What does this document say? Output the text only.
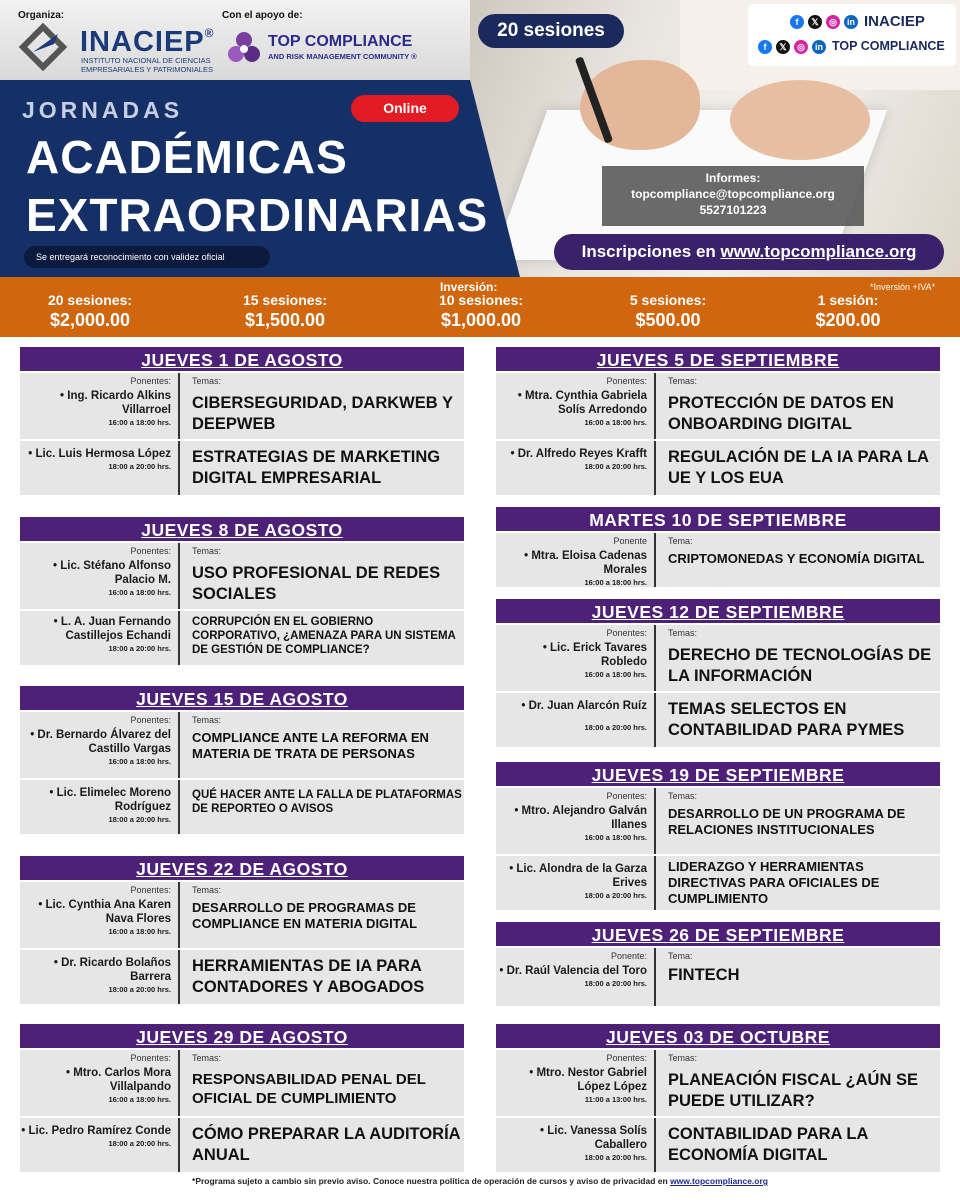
Organiza:	Con el apoyo de:
INACIEP®
INSTITUTO NACIONAL DE CIENCIAS
EMPRESARIALES Y PATRIMONIALES
TOP COMPLIANCE
AND RISK MANAGEMENT COMMUNITY ®
20 sesiones	f	𝕏	◎	in INACIEP
f	𝕏	◎	in TOP COMPLIANCE
JORNADAS	Online
ACADÉMICAS
EXTRAORDINARIAS
Se entregará reconocimiento con validez oficial
Informes:
topcompliance@topcompliance.org
5527101223
Inscripciones en www.topcompliance.org
Inversión:	*Inversión +IVA*
20 sesiones:
$2,000.00
15 sesiones:
$1,500.00
10 sesiones:
$1,000.00
5 sesiones:
$500.00
1 sesión:
$200.00
JUEVES 1 DE AGOSTO
Ponentes:
• Ing. Ricardo Alkins Villarroel
16:00 a 18:00 hrs.
Temas:
CIBERSEGURIDAD, DARKWEB Y DEEPWEB
• Lic. Luis Hermosa López
18:00 a 20:00 hrs.
ESTRATEGIAS DE MARKETING DIGITAL EMPRESARIAL
JUEVES 8 DE AGOSTO
Ponentes:
• Lic. Stéfano Alfonso Palacio M.
16:00 a 18:00 hrs.
Temas:
USO PROFESIONAL DE REDES SOCIALES
• L. A. Juan Fernando Castillejos Echandi
18:00 a 20:00 hrs.
CORRUPCIÓN EN EL GOBIERNO CORPORATIVO, ¿AMENAZA PARA UN SISTEMA DE GESTIÓN DE COMPLIANCE?
JUEVES 15 DE AGOSTO
Ponentes:
• Dr. Bernardo Álvarez del Castillo Vargas
16:00 a 18:00 hrs.
Temas:
COMPLIANCE ANTE LA REFORMA EN MATERIA DE TRATA DE PERSONAS
• Lic. Elimelec Moreno Rodríguez
18:00 a 20:00 hrs.
QUÉ HACER ANTE LA FALLA DE PLATAFORMAS DE REPORTEO O AVISOS
JUEVES 22 DE AGOSTO
Ponentes:
• Lic. Cynthia Ana Karen Nava Flores
16:00 a 18:00 hrs.
Temas:
DESARROLLO DE PROGRAMAS DE COMPLIANCE EN MATERIA DIGITAL
• Dr. Ricardo Bolaños Barrera
18:00 a 20:00 hrs.
HERRAMIENTAS DE IA PARA CONTADORES Y ABOGADOS
JUEVES 29 DE AGOSTO
Ponentes:
• Mtro. Carlos Mora Villalpando
16:00 a 18:00 hrs.
Temas:
RESPONSABILIDAD PENAL DEL OFICIAL DE CUMPLIMIENTO
• Lic. Pedro Ramírez Conde
18:00 a 20:00 hrs.
CÓMO PREPARAR LA AUDITORÍA ANUAL
JUEVES 5 DE SEPTIEMBRE
Ponentes:
• Mtra. Cynthia Gabriela Solís Arredondo
16:00 a 18:00 hrs.
Temas:
PROTECCIÓN DE DATOS EN ONBOARDING DIGITAL
• Dr. Alfredo Reyes Krafft
18:00 a 20:00 hrs.
REGULACIÓN DE LA IA PARA LA UE Y LOS EUA
MARTES 10 DE SEPTIEMBRE
Ponente
• Mtra. Eloisa Cadenas Morales
16:00 a 18:00 hrs.
Tema:
CRIPTOMONEDAS Y ECONOMÍA DIGITAL
JUEVES 12 DE SEPTIEMBRE
Ponentes:
• Lic. Erick Tavares Robledo
16:00 a 18:00 hrs.
Temas:
DERECHO DE TECNOLOGÍAS DE LA INFORMACIÓN
• Dr. Juan Alarcón Ruíz
18:00 a 20:00 hrs.
TEMAS SELECTOS EN CONTABILIDAD PARA PYMES
JUEVES 19 DE SEPTIEMBRE
Ponentes:
• Mtro. Alejandro Galván Illanes
16:00 a 18:00 hrs.
Temas:
DESARROLLO DE UN PROGRAMA DE RELACIONES INSTITUCIONALES
• Lic. Alondra de la Garza Erives
18:00 a 20:00 hrs.
LIDERAZGO Y HERRAMIENTAS DIRECTIVAS PARA OFICIALES DE CUMPLIMIENTO
JUEVES 26 DE SEPTIEMBRE
Ponente:
• Dr. Raúl Valencia del Toro
18:00 a 20:00 hrs.
Tema:
FINTECH
JUEVES 03 DE OCTUBRE
Ponentes:
• Mtro. Nestor Gabriel López López
11:00 a 13:00 hrs.
Temas:
PLANEACIÓN FISCAL ¿AÚN SE PUEDE UTILIZAR?
• Lic. Vanessa Solís Caballero
18:00 a 20:00 hrs.
CONTABILIDAD PARA LA ECONOMÍA DIGITAL
*Programa sujeto a cambio sin previo aviso. Conoce nuestra política de operación de cursos y aviso de privacidad en www.topcompliance.org
